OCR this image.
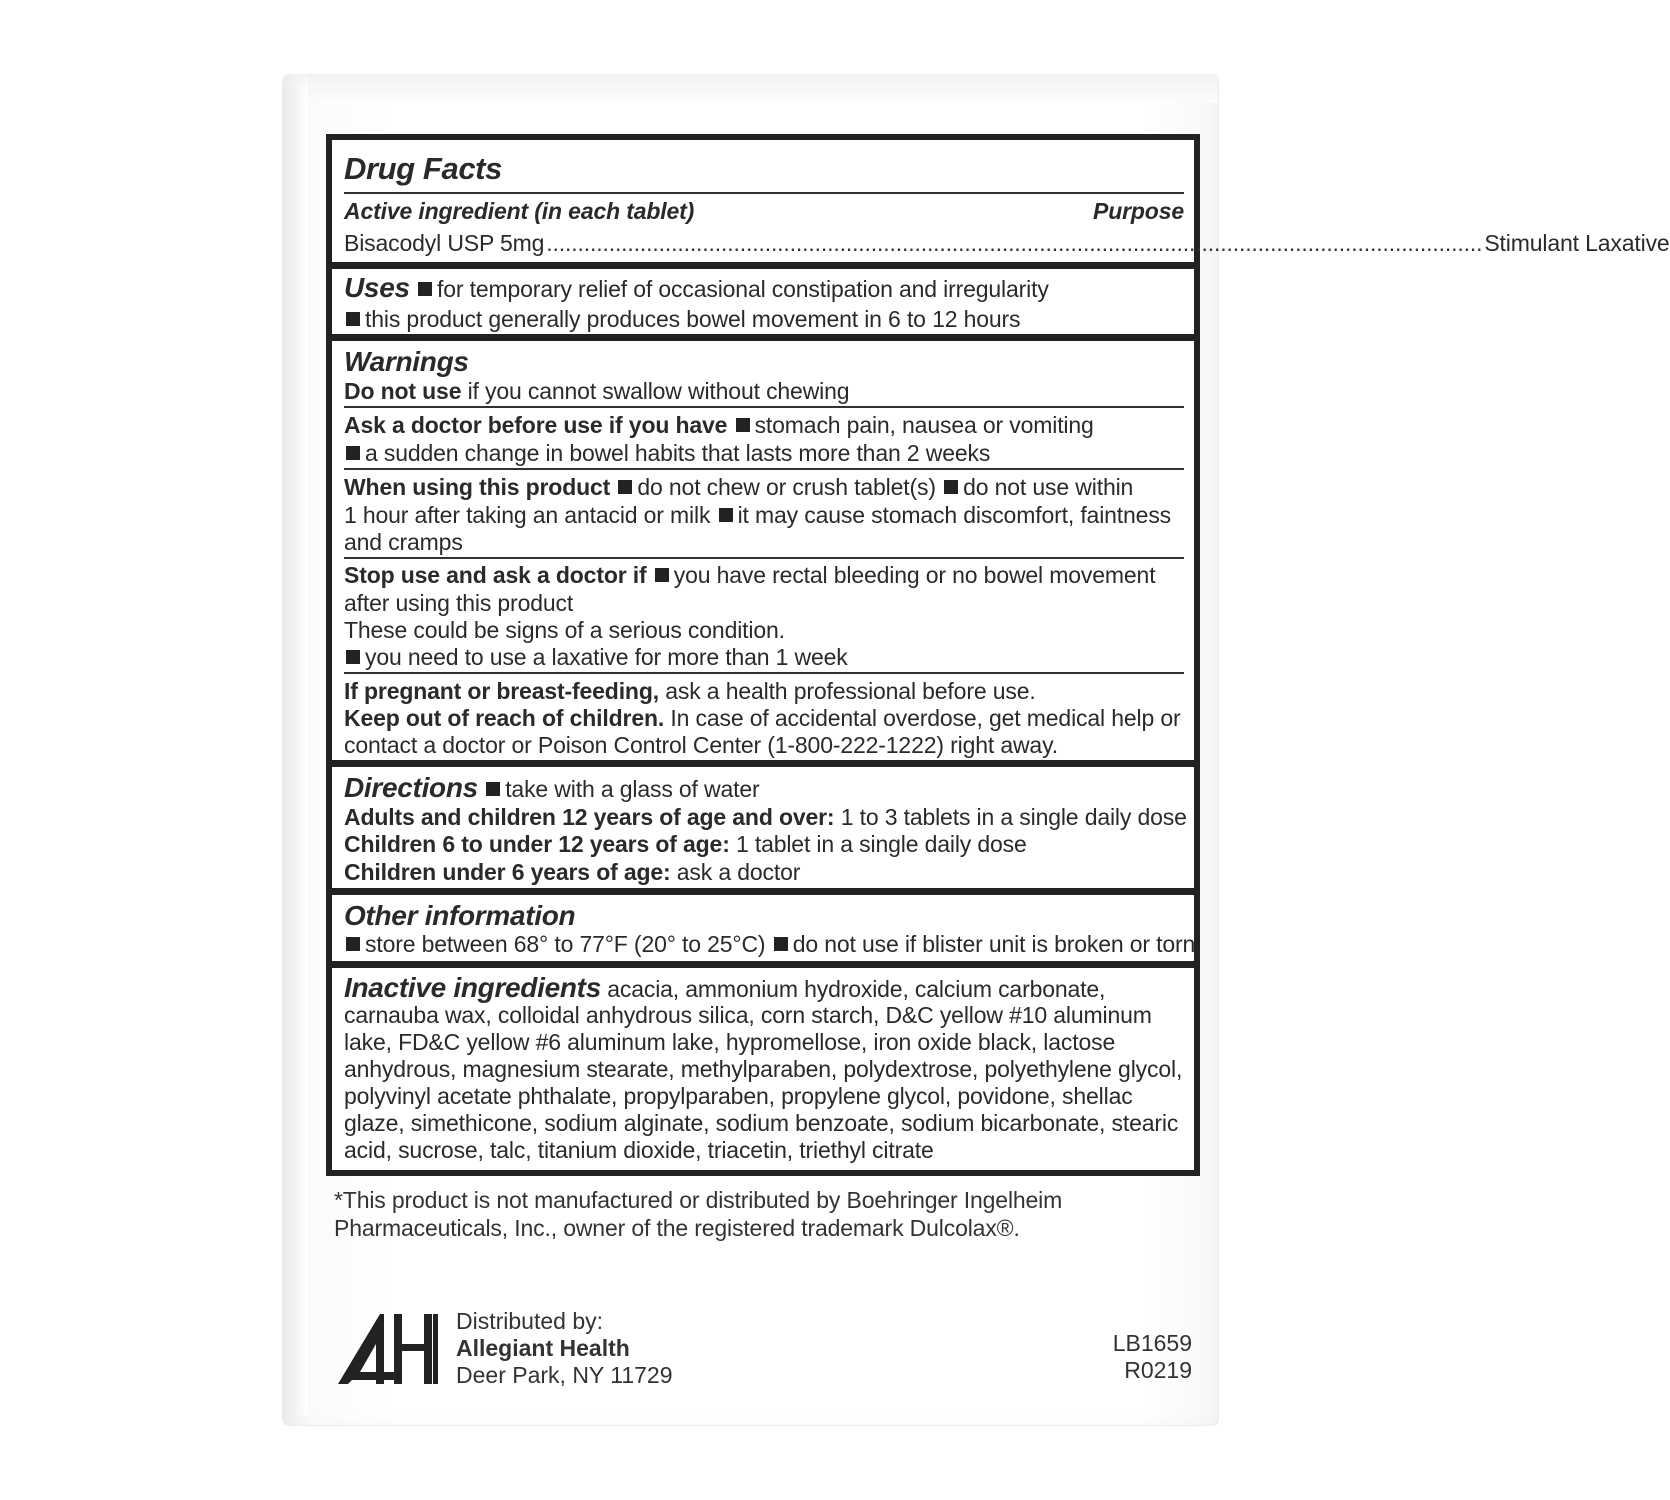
Drug Facts
Active ingredient (in each tablet)	Purpose
Bisacodyl USP 5mg ...................................................................................................................................................... Stimulant Laxative
Uses for temporary relief of occasional constipation and irregularity
this product generally produces bowel movement in 6 to 12 hours
Warnings
Do not use if you cannot swallow without chewing
Ask a doctor before use if you have stomach pain, nausea or vomiting
a sudden change in bowel habits that lasts more than 2 weeks
When using this product do not chew or crush tablet(s) do not use within
1 hour after taking an antacid or milk it may cause stomach discomfort, faintness
and cramps
Stop use and ask a doctor if you have rectal bleeding or no bowel movement
after using this product
These could be signs of a serious condition.
you need to use a laxative for more than 1 week
If pregnant or breast-feeding, ask a health professional before use.
Keep out of reach of children. In case of accidental overdose, get medical help or
contact a doctor or Poison Control Center (1-800-222-1222) right away.
Directions take with a glass of water
Adults and children 12 years of age and over: 1 to 3 tablets in a single daily dose
Children 6 to under 12 years of age: 1 tablet in a single daily dose
Children under 6 years of age: ask a doctor
Other information
store between 68° to 77°F (20° to 25°C) do not use if blister unit is broken or torn
Inactive ingredients acacia, ammonium hydroxide, calcium carbonate,
carnauba wax, colloidal anhydrous silica, corn starch, D&C yellow #10 aluminum
lake, FD&C yellow #6 aluminum lake, hypromellose, iron oxide black, lactose
anhydrous, magnesium stearate, methylparaben, polydextrose, polyethylene glycol,
polyvinyl acetate phthalate, propylparaben, propylene glycol, povidone, shellac
glaze, simethicone, sodium alginate, sodium benzoate, sodium bicarbonate, stearic
acid, sucrose, talc, titanium dioxide, triacetin, triethyl citrate
*This product is not manufactured or distributed by Boehringer Ingelheim
Pharmaceuticals, Inc., owner of the registered trademark Dulcolax®.
Distributed by:
Allegiant Health
Deer Park, NY 11729
LB1659
R0219
